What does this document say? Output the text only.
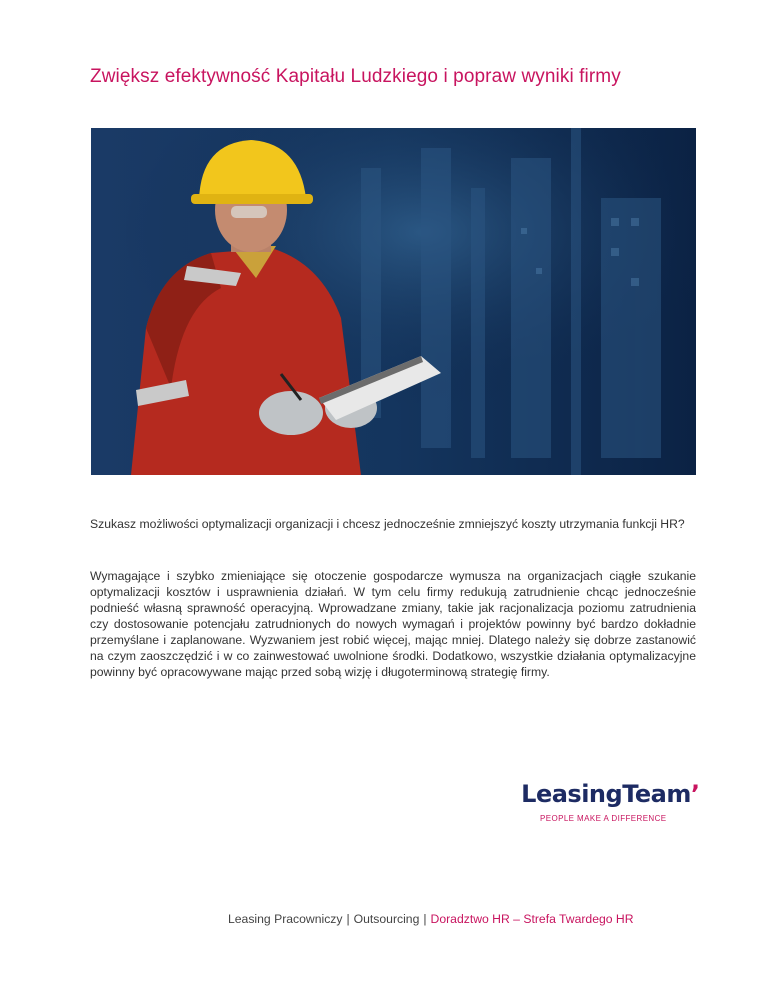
Zwiększ efektywność Kapitału Ludzkiego i popraw wyniki firmy
Szukasz możliwości optymalizacji organizacji i chcesz jednocześnie zmniejszyć koszty utrzymania funkcji HR?
Wymagające i szybko zmieniające się otoczenie gospodarcze wymusza na organizacjach ciągłe szukanie optymalizacji kosztów i usprawnienia działań. W tym celu firmy redukują zatrudnienie chcąc jednocześnie podnieść własną sprawność operacyjną. Wprowadzane zmiany, takie jak racjonalizacja poziomu zatrudnienia czy dostosowanie potencjału zatrudnionych do nowych wymagań i projektów powinny być bardzo dokładnie przemyślane i zaplanowane. Wyzwaniem jest robić więcej, mając mniej. Dlatego należy się dobrze zastanowić na czym zaoszczędzić i w co zainwestować uwolnione środki. Dodatkowo, wszystkie działania optymalizacyjne powinny być opracowywane mając przed sobą wizję i długoterminową strategię firmy.
LeasingTeam’
PEOPLE MAKE A DIFFERENCE
Leasing Pracowniczy | Outsourcing | Doradztwo HR – Strefa Twardego HR
